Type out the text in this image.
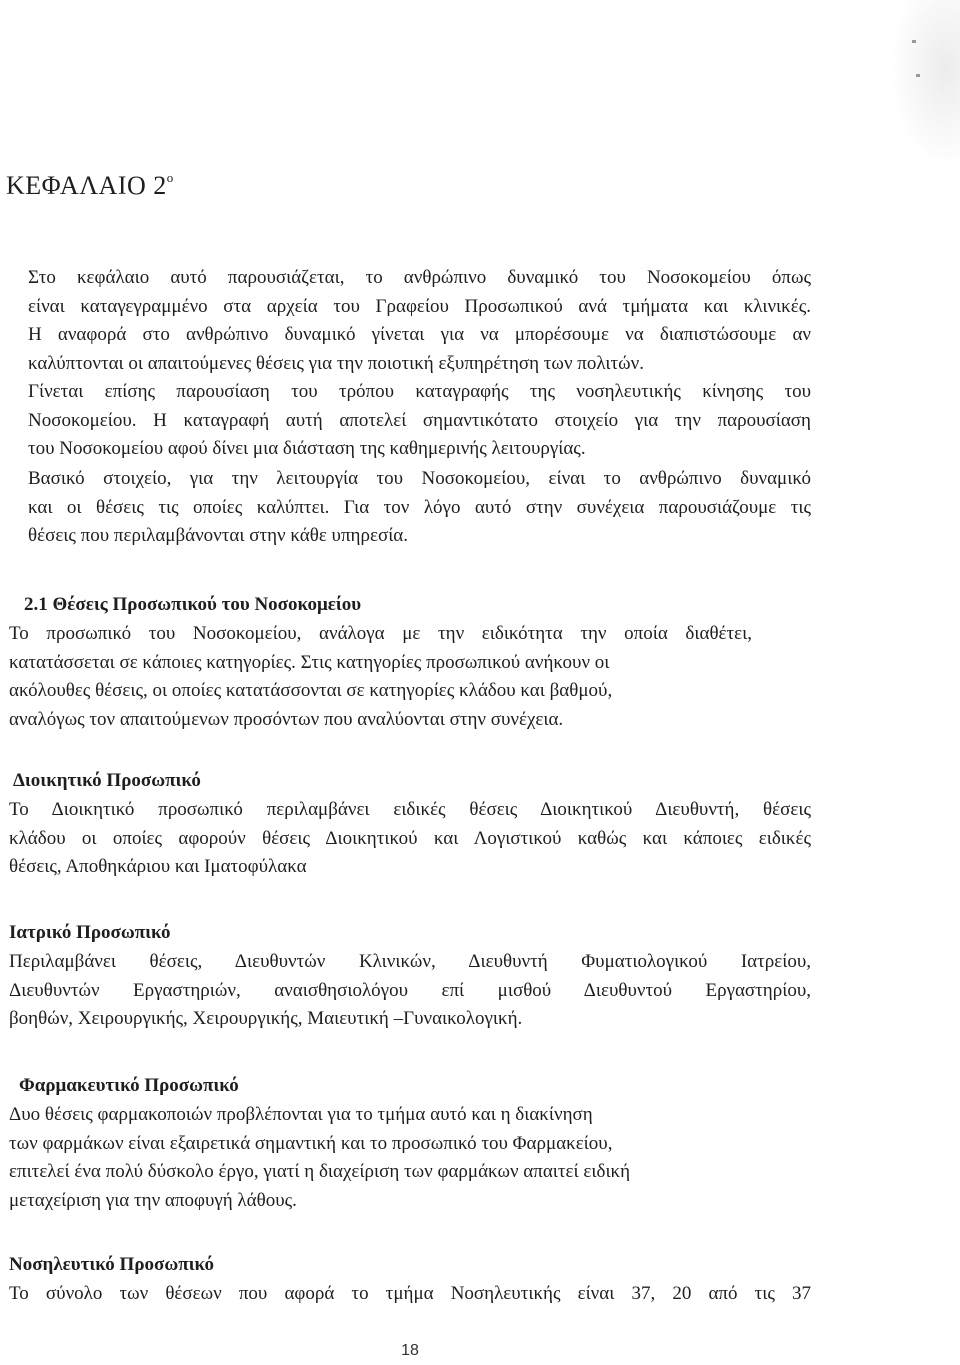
ΚΕΦΑΛΑΙΟ $2^o$
Στο κεφάλαιο αυτό παρουσιάζεται, το ανθρώπινο δυναμικό του Νοσοκομείου όπως
είναι καταγεγραμμένο στα αρχεία του Γραφείου Προσωπικού ανά τμήματα και κλινικές.
Η αναφορά στο ανθρώπινο δυναμικό γίνεται για να μπορέσουμε να διαπιστώσουμε αν
καλύπτονται οι απαιτούμενες θέσεις για την ποιοτική εξυπηρέτηση των πολιτών.
Γίνεται επίσης παρουσίαση του τρόπου καταγραφής της νοσηλευτικής κίνησης του
Νοσοκομείου. Η καταγραφή αυτή αποτελεί σημαντικότατο στοιχείο για την παρουσίαση
του Νοσοκομείου αφού δίνει μια διάσταση της καθημερινής λειτουργίας.
Βασικό στοιχείο, για την λειτουργία του Νοσοκομείου, είναι το ανθρώπινο δυναμικό
και οι θέσεις τις οποίες καλύπτει. Για τον λόγο αυτό στην συνέχεια παρουσιάζουμε τις
θέσεις που περιλαμβάνονται στην κάθε υπηρεσία.
2.1 Θέσεις Προσωπικού του Νοσοκομείου
Το προσωπικό του Νοσοκομείου, ανάλογα με την ειδικότητα την οποία διαθέτει,
κατατάσσεται σε κάποιες κατηγορίες. Στις κατηγορίες προσωπικού ανήκουν οι
ακόλουθες θέσεις, οι οποίες κατατάσσονται σε κατηγορίες κλάδου και βαθμού,
αναλόγως τον απαιτούμενων προσόντων που αναλύονται στην συνέχεια.
Διοικητικό Προσωπικό
Το Διοικητικό προσωπικό περιλαμβάνει ειδικές θέσεις Διοικητικού Διευθυντή, θέσεις
κλάδου οι οποίες αφορούν θέσεις Διοικητικού και Λογιστικού καθώς και κάποιες ειδικές
θέσεις, Αποθηκάριου και Ιματοφύλακα
Ιατρικό Προσωπικό
Περιλαμβάνει θέσεις, Διευθυντών Κλινικών, Διευθυντή Φυματιολογικού Ιατρείου,
Διευθυντών Εργαστηριών, αναισθησιολόγου επί μισθού Διευθυντού Εργαστηρίου,
βοηθών, Χειρουργικής, Χειρουργικής, Μαιευτική –Γυναικολογική.
Φαρμακευτικό Προσωπικό
Δυο θέσεις φαρμακοποιών προβλέπονται για το τμήμα αυτό και η διακίνηση
των φαρμάκων είναι εξαιρετικά σημαντική και το προσωπικό του Φαρμακείου,
επιτελεί ένα πολύ δύσκολο έργο, γιατί η διαχείριση των φαρμάκων απαιτεί ειδική
μεταχείριση για την αποφυγή λάθους.
Νοσηλευτικό Προσωπικό
Το σύνολο των θέσεων που αφορά το τμήμα Νοσηλευτικής είναι 37, 20 από τις 37
18
